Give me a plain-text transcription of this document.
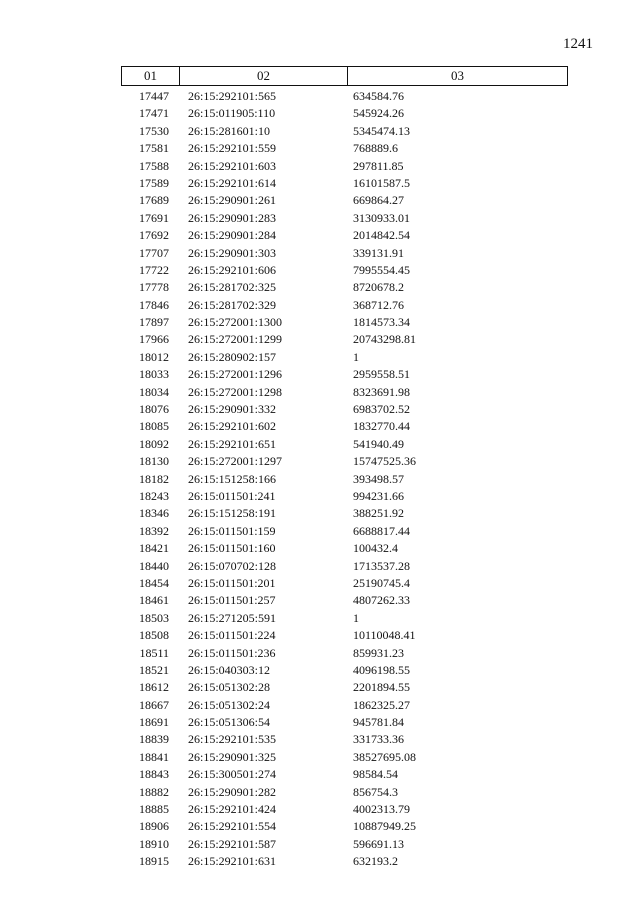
1241
01	02	03
17447	26:15:292101:565	634584.76
17471	26:15:011905:110	545924.26
17530	26:15:281601:10	5345474.13
17581	26:15:292101:559	768889.6
17588	26:15:292101:603	297811.85
17589	26:15:292101:614	16101587.5
17689	26:15:290901:261	669864.27
17691	26:15:290901:283	3130933.01
17692	26:15:290901:284	2014842.54
17707	26:15:290901:303	339131.91
17722	26:15:292101:606	7995554.45
17778	26:15:281702:325	8720678.2
17846	26:15:281702:329	368712.76
17897	26:15:272001:1300	1814573.34
17966	26:15:272001:1299	20743298.81
18012	26:15:280902:157	1
18033	26:15:272001:1296	2959558.51
18034	26:15:272001:1298	8323691.98
18076	26:15:290901:332	6983702.52
18085	26:15:292101:602	1832770.44
18092	26:15:292101:651	541940.49
18130	26:15:272001:1297	15747525.36
18182	26:15:151258:166	393498.57
18243	26:15:011501:241	994231.66
18346	26:15:151258:191	388251.92
18392	26:15:011501:159	6688817.44
18421	26:15:011501:160	100432.4
18440	26:15:070702:128	1713537.28
18454	26:15:011501:201	25190745.4
18461	26:15:011501:257	4807262.33
18503	26:15:271205:591	1
18508	26:15:011501:224	10110048.41
18511	26:15:011501:236	859931.23
18521	26:15:040303:12	4096198.55
18612	26:15:051302:28	2201894.55
18667	26:15:051302:24	1862325.27
18691	26:15:051306:54	945781.84
18839	26:15:292101:535	331733.36
18841	26:15:290901:325	38527695.08
18843	26:15:300501:274	98584.54
18882	26:15:290901:282	856754.3
18885	26:15:292101:424	4002313.79
18906	26:15:292101:554	10887949.25
18910	26:15:292101:587	596691.13
18915	26:15:292101:631	632193.2
